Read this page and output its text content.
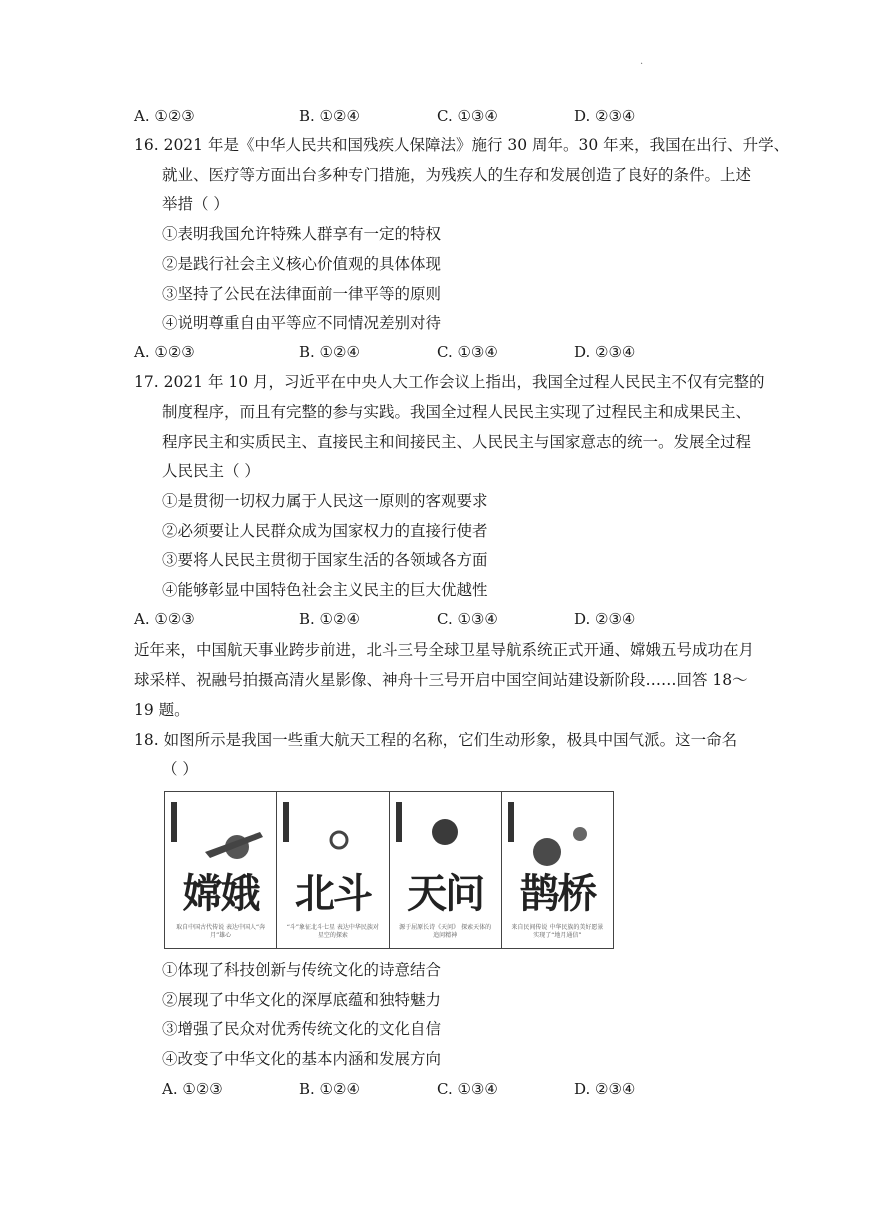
.
A. ①②③	B. ①②④	C. ①③④	D. ②③④
16. 2021 年是《中华人民共和国残疾人保障法》施行 30 周年。30 年来，我国在出行、升学、
就业、医疗等方面出台多种专门措施，为残疾人的生存和发展创造了良好的条件。上述
举措（ ）
①表明我国允许特殊人群享有一定的特权
②是践行社会主义核心价值观的具体体现
③坚持了公民在法律面前一律平等的原则
④说明尊重自由平等应不同情况差别对待
A. ①②③	B. ①②④	C. ①③④	D. ②③④
17. 2021 年 10 月，习近平在中央人大工作会议上指出，我国全过程人民民主不仅有完整的
制度程序，而且有完整的参与实践。我国全过程人民民主实现了过程民主和成果民主、
程序民主和实质民主、直接民主和间接民主、人民民主与国家意志的统一。发展全过程
人民民主（ ）
①是贯彻一切权力属于人民这一原则的客观要求
②必须要让人民群众成为国家权力的直接行使者
③要将人民民主贯彻于国家生活的各领域各方面
④能够彰显中国特色社会主义民主的巨大优越性
A. ①②③	B. ①②④	C. ①③④	D. ②③④
近年来，中国航天事业跨步前进，北斗三号全球卫星导航系统正式开通、嫦娥五号成功在月
球采样、祝融号拍摄高清火星影像、神舟十三号开启中国空间站建设新阶段……回答 18～
19 题。
18. 如图所示是我国一些重大航天工程的名称，它们生动形象，极具中国气派。这一命名
（ ）
嫦娥
取自中国古代传说 表达中国人“奔月”雄心
北斗
“斗”象征北斗七星 表达中华民族对星空的探索
天问
源于屈原长诗《天问》 探索天体的追问精神
鹊桥
来自民间传说 中华民族的美好愿景 实现了“地月通信”
①体现了科技创新与传统文化的诗意结合
②展现了中华文化的深厚底蕴和独特魅力
③增强了民众对优秀传统文化的文化自信
④改变了中华文化的基本内涵和发展方向
A. ①②③	B. ①②④	C. ①③④	D. ②③④
